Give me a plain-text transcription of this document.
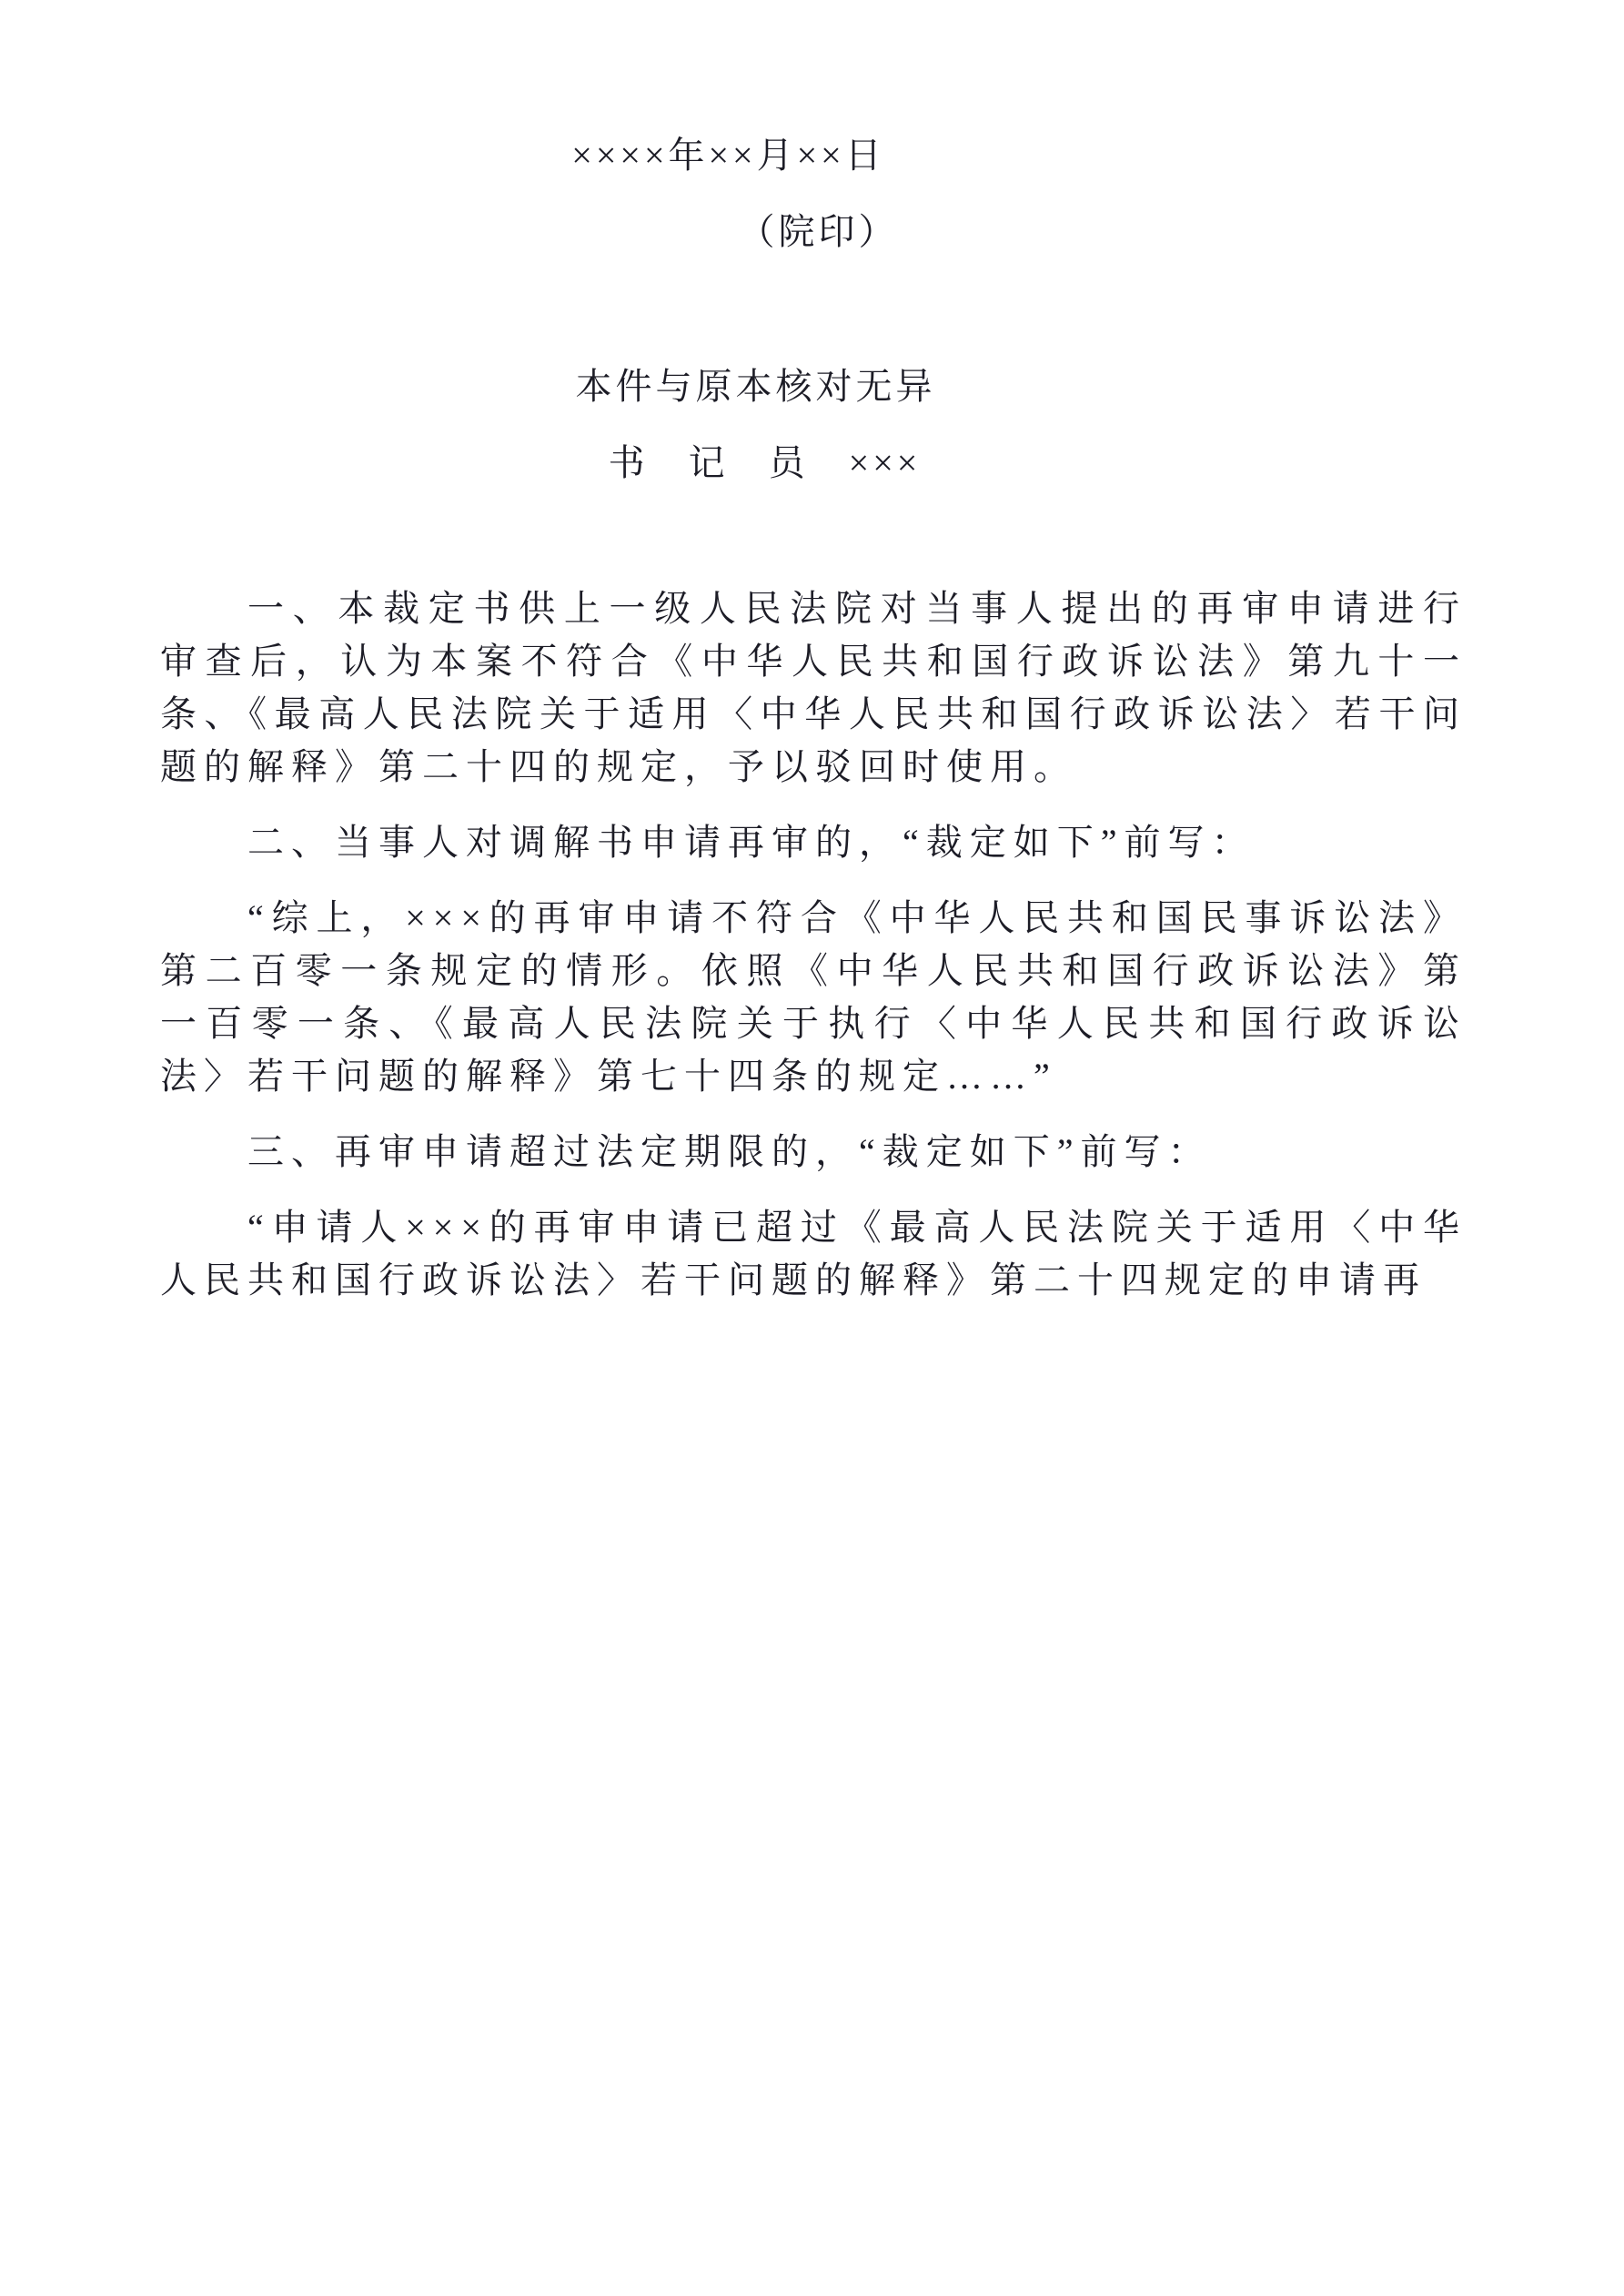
××××年××月××日
（院印）
本件与原本核对无异
书　记　员　×××

一、本裁定书供上一级人民法院对当事人提出的再审申请进行审查后，认为本案不符合《中华人民共和国行政诉讼法》第九十一条、《最高人民法院关于适用〈中华人民共和国行政诉讼法〉若干问题的解释》第二十四的规定，予以驳回时使用。

二、当事人对调解书申请再审的，“裁定如下”前写：

“综上，×××的再审申请不符合《中华人民共和国民事诉讼法》第二百零一条规定的情形。依照《中华人民共和国行政诉讼法》第一百零一条、《最高人民法院关于执行〈中华人民共和国行政诉讼法〉若干问题的解释》第七十四条的规定……”

三、再审申请超过法定期限的，“裁定如下”前写：

“申请人×××的再审申请已超过《最高人民法院关于适用〈中华人民共和国行政诉讼法〉若干问题的解释》第二十四规定的申请再
